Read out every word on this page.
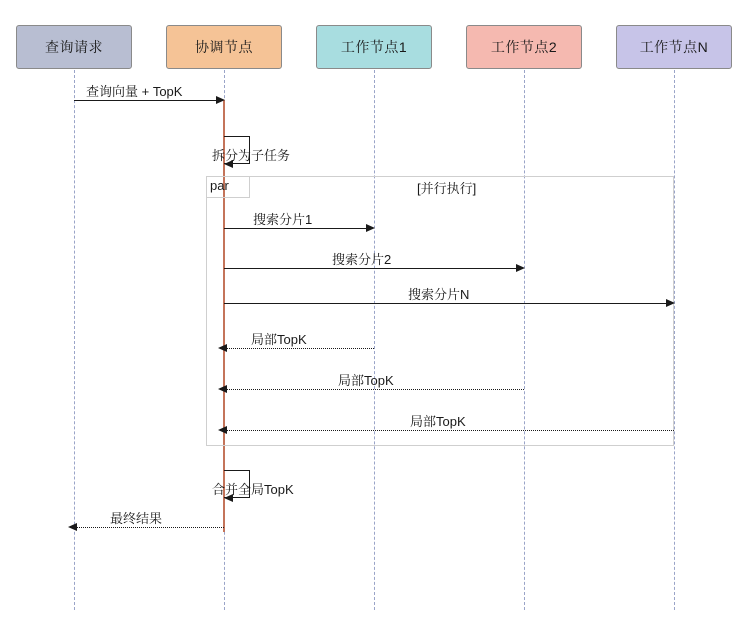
查询请求	协调节点	工作节点1	工作节点2	工作节点N
查询向量 + TopK
拆分为子任务
par	[并行执行]
搜索分片1
搜索分片2
搜索分片N
局部TopK
局部TopK
局部TopK
合并全局TopK
最终结果
